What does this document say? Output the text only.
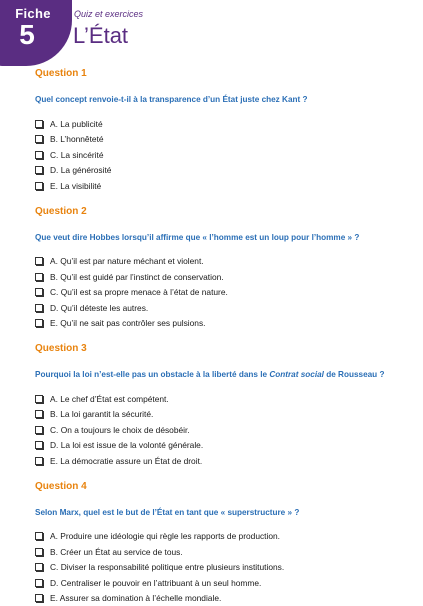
Fiche
5
Quiz et exercices
L’État
Question 1
Quel concept renvoie-t-il à la transparence d’un État juste chez Kant ?
A. La publicité
B. L’honnêteté
C. La sincérité
D. La générosité
E. La visibilité
Question 2
Que veut dire Hobbes lorsqu’il affirme que « l’homme est un loup pour l’homme » ?
A. Qu’il est par nature méchant et violent.
B. Qu’il est guidé par l’instinct de conservation.
C. Qu’il est sa propre menace à l’état de nature.
D. Qu’il déteste les autres.
E. Qu’il ne sait pas contrôler ses pulsions.
Question 3
Pourquoi la loi n’est-elle pas un obstacle à la liberté dans le Contrat social de Rousseau ?
A. Le chef d’État est compétent.
B. La loi garantit la sécurité.
C. On a toujours le choix de désobéir.
D. La loi est issue de la volonté générale.
E. La démocratie assure un État de droit.
Question 4
Selon Marx, quel est le but de l’État en tant que « superstructure » ?
A. Produire une idéologie qui règle les rapports de production.
B. Créer un État au service de tous.
C. Diviser la responsabilité politique entre plusieurs institutions.
D. Centraliser le pouvoir en l’attribuant à un seul homme.
E. Assurer sa domination à l’échelle mondiale.
